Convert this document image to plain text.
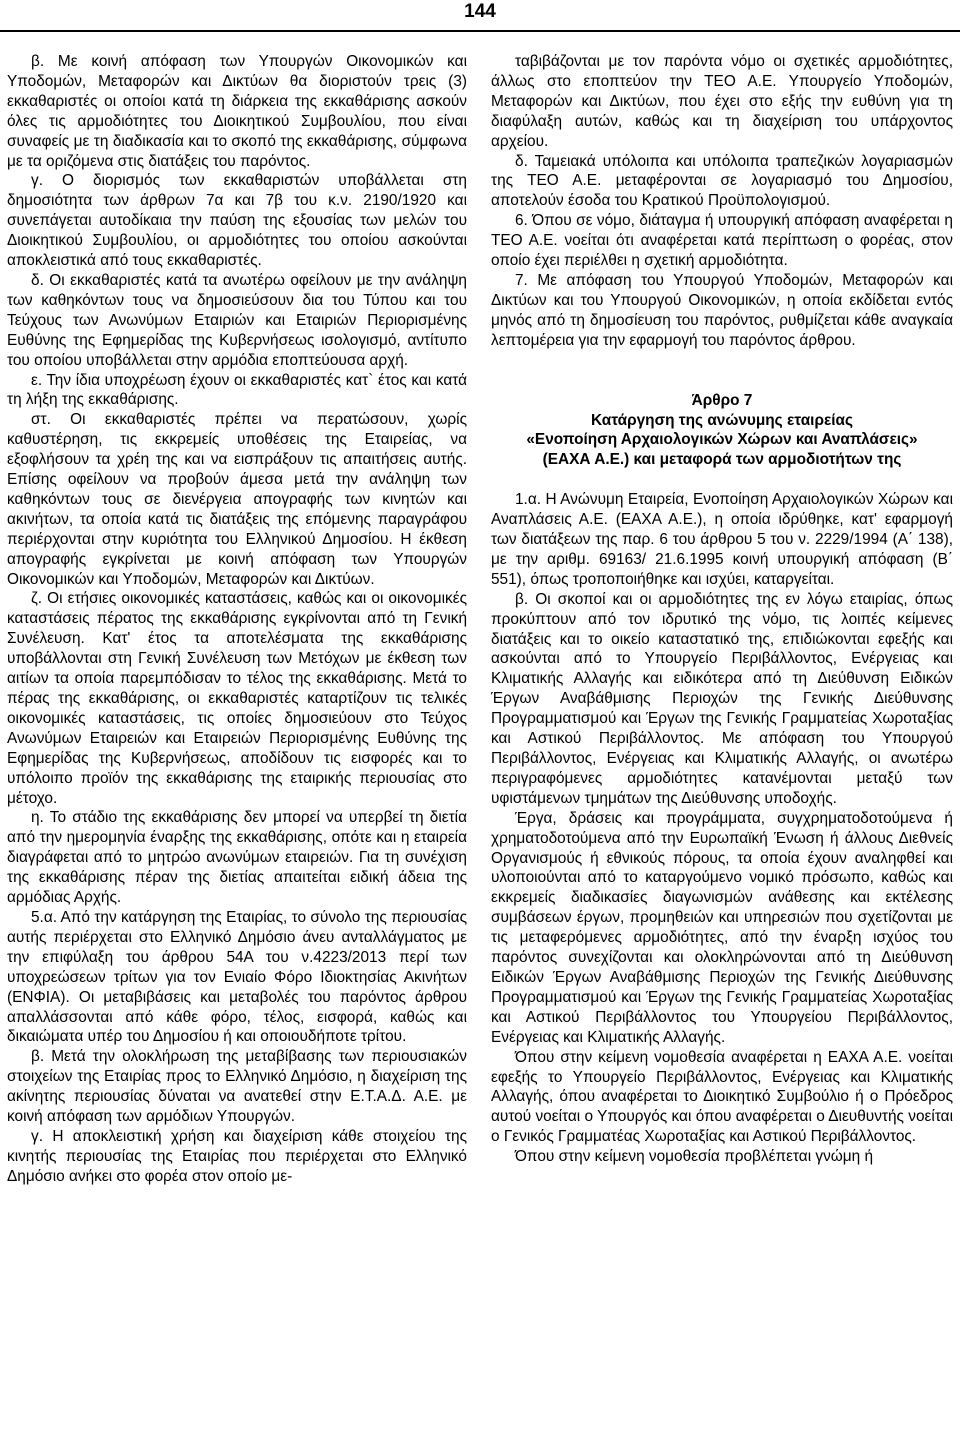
144

β. Με κοινή απόφαση των Υπουργών Οικονομικών και Υποδομών, Μεταφορών και Δικτύων θα διοριστούν τρεις (3) εκκαθαριστές οι οποίοι κατά τη διάρκεια της εκκαθάρισης ασκούν όλες τις αρμοδιότητες του Διοικητικού Συμβουλίου, που είναι συναφείς με τη διαδικασία και το σκοπό της εκκαθάρισης, σύμφωνα με τα οριζόμενα στις διατάξεις του παρόντος.

γ. Ο διορισμός των εκκαθαριστών υποβάλλεται στη δημοσιότητα των άρθρων 7α και 7β του κ.ν. 2190/1920 και συνεπάγεται αυτοδίκαια την παύση της εξουσίας των μελών του Διοικητικού Συμβουλίου, οι αρμοδιότητες του οποίου ασκούνται αποκλειστικά από τους εκκαθαριστές.

δ. Οι εκκαθαριστές κατά τα ανωτέρω οφείλουν με την ανάληψη των καθηκόντων τους να δημοσιεύσουν δια του Τύπου και του Τεύχους των Ανωνύμων Εταιριών και Εταιριών Περιορισμένης Ευθύνης της Εφημερίδας της Κυβερνήσεως ισολογισμό, αντίτυπο του οποίου υποβάλλεται στην αρμόδια εποπτεύουσα αρχή.

ε. Την ίδια υποχρέωση έχουν οι εκκαθαριστές κατ` έτος και κατά τη λήξη της εκκαθάρισης.

στ. Οι εκκαθαριστές πρέπει να περατώσουν, χωρίς καθυστέρηση, τις εκκρεμείς υποθέσεις της Εταιρείας, να εξοφλήσουν τα χρέη της και να εισπράξουν τις απαιτήσεις αυτής. Επίσης οφείλουν να προβούν άμεσα μετά την ανάληψη των καθηκόντων τους σε διενέργεια απογραφής των κινητών και ακινήτων, τα οποία κατά τις διατάξεις της επόμενης παραγράφου περιέρχονται στην κυριότητα του Ελληνικού Δημοσίου. Η έκθεση απογραφής εγκρίνεται με κοινή απόφαση των Υπουργών Οικονομικών και Υποδομών, Μεταφορών και Δικτύων.

ζ. Οι ετήσιες οικονομικές καταστάσεις, καθώς και οι οικονομικές καταστάσεις πέρατος της εκκαθάρισης εγκρίνονται από τη Γενική Συνέλευση. Κατ' έτος τα αποτελέσματα της εκκαθάρισης υποβάλλονται στη Γενική Συνέλευση των Μετόχων με έκθεση των αιτίων τα οποία παρεμπόδισαν το τέλος της εκκαθάρισης. Μετά το πέρας της εκκαθάρισης, οι εκκαθαριστές καταρτίζουν τις τελικές οικονομικές καταστάσεις, τις οποίες δημοσιεύουν στο Τεύχος Ανωνύμων Εταιρειών και Εταιρειών Περιορισμένης Ευθύνης της Εφημερίδας της Κυβερνήσεως, αποδίδουν τις εισφορές και το υπόλοιπο προϊόν της εκκαθάρισης της εταιρικής περιουσίας στο μέτοχο.

η. Το στάδιο της εκκαθάρισης δεν μπορεί να υπερβεί τη διετία από την ημερομηνία έναρξης της εκκαθάρισης, οπότε και η εταιρεία διαγράφεται από το μητρώο ανωνύμων εταιρειών. Για τη συνέχιση της εκκαθάρισης πέραν της διετίας απαιτείται ειδική άδεια της αρμόδιας Αρχής.

5.α. Από την κατάργηση της Εταιρίας, το σύνολο της περιουσίας αυτής περιέρχεται στο Ελληνικό Δημόσιο άνευ ανταλλάγματος με την επιφύλαξη του άρθρου 54Α του ν.4223/2013 περί των υποχρεώσεων τρίτων για τον Ενιαίο Φόρο Ιδιοκτησίας Ακινήτων (ΕΝΦΙΑ). Οι μεταβιβάσεις και μεταβολές του παρόντος άρθρου απαλλάσσονται από κάθε φόρο, τέλος, εισφορά, καθώς και δικαιώματα υπέρ του Δημοσίου ή και οποιουδήποτε τρίτου.

β. Μετά την ολοκλήρωση της μεταβίβασης των περιουσιακών στοιχείων της Εταιρίας προς το Ελληνικό Δημόσιο, η διαχείριση της ακίνητης περιουσίας δύναται να ανατεθεί στην Ε.Τ.Α.Δ. Α.Ε. με κοινή απόφαση των αρμόδιων Υπουργών.

γ. Η αποκλειστική χρήση και διαχείριση κάθε στοιχείου της κινητής περιουσίας της Εταιρίας που περιέρχεται στο Ελληνικό Δημόσιο ανήκει στο φορέα στον οποίο με-

ταβιβάζονται με τον παρόντα νόμο οι σχετικές αρμοδιότητες, άλλως στο εποπτεύον την ΤΕΟ Α.Ε. Υπουργείο Υποδομών, Μεταφορών και Δικτύων, που έχει στο εξής την ευθύνη για τη διαφύλαξη αυτών, καθώς και τη διαχείριση του υπάρχοντος αρχείου.

δ. Ταμειακά υπόλοιπα και υπόλοιπα τραπεζικών λογαριασμών της ΤΕΟ Α.Ε. μεταφέρονται σε λογαριασμό του Δημοσίου, αποτελούν έσοδα του Κρατικού Προϋπολογισμού.

6. Όπου σε νόμο, διάταγμα ή υπουργική απόφαση αναφέρεται η ΤΕΟ Α.Ε. νοείται ότι αναφέρεται κατά περίπτωση ο φορέας, στον οποίο έχει περιέλθει η σχετική αρμοδιότητα.

7. Με απόφαση του Υπουργού Υποδομών, Μεταφορών και Δικτύων και του Υπουργού Οικονομικών, η οποία εκδίδεται εντός μηνός από τη δημοσίευση του παρόντος, ρυθμίζεται κάθε αναγκαία λεπτομέρεια για την εφαρμογή του παρόντος άρθρου.

Άρθρο 7
Κατάργηση της ανώνυμης εταιρείας
«Ενοποίηση Αρχαιολογικών Χώρων και Αναπλάσεις»
(ΕΑΧΑ Α.Ε.) και μεταφορά των αρμοδιοτήτων της

1.α. Η Ανώνυμη Εταιρεία, Ενοποίηση Αρχαιολογικών Χώρων και Αναπλάσεις Α.Ε. (ΕΑΧΑ Α.Ε.), η οποία ιδρύθηκε, κατ' εφαρμογή των διατάξεων της παρ. 6 του άρθρου 5 του ν. 2229/1994 (Α΄ 138), με την αριθμ. 69163/ 21.6.1995 κοινή υπουργική απόφαση (Β΄ 551), όπως τροποποιήθηκε και ισχύει, καταργείται.

β. Οι σκοποί και οι αρμοδιότητες της εν λόγω εταιρίας, όπως προκύπτουν από τον ιδρυτικό της νόμο, τις λοιπές κείμενες διατάξεις και το οικείο καταστατικό της, επιδιώκονται εφεξής και ασκούνται από το Υπουργείο Περιβάλλοντος, Ενέργειας και Κλιματικής Αλλαγής και ειδικότερα από τη Διεύθυνση Ειδικών Έργων Αναβάθμισης Περιοχών της Γενικής Διεύθυνσης Προγραμματισμού και Έργων της Γενικής Γραμματείας Χωροταξίας και Αστικού Περιβάλλοντος. Με απόφαση του Υπουργού Περιβάλλοντος, Ενέργειας και Κλιματικής Αλλαγής, οι ανωτέρω περιγραφόμενες αρμοδιότητες κατανέμονται μεταξύ των υφιστάμενων τμημάτων της Διεύθυνσης υποδοχής.

Έργα, δράσεις και προγράμματα, συγχρηματοδοτούμενα ή χρηματοδοτούμενα από την Ευρωπαϊκή Ένωση ή άλλους Διεθνείς Οργανισμούς ή εθνικούς πόρους, τα οποία έχουν αναληφθεί και υλοποιούνται από το καταργούμενο νομικό πρόσωπο, καθώς και εκκρεμείς διαδικασίες διαγωνισμών ανάθεσης και εκτέλεσης συμβάσεων έργων, προμηθειών και υπηρεσιών που σχετίζονται με τις μεταφερόμενες αρμοδιότητες, από την έναρξη ισχύος του παρόντος συνεχίζονται και ολοκληρώνονται από τη Διεύθυνση Ειδικών Έργων Αναβάθμισης Περιοχών της Γενικής Διεύθυνσης Προγραμματισμού και Έργων της Γενικής Γραμματείας Χωροταξίας και Αστικού Περιβάλλοντος του Υπουργείου Περιβάλλοντος, Ενέργειας και Κλιματικής Αλλαγής.

Όπου στην κείμενη νομοθεσία αναφέρεται η ΕΑΧΑ Α.Ε. νοείται εφεξής το Υπουργείο Περιβάλλοντος, Ενέργειας και Κλιματικής Αλλαγής, όπου αναφέρεται το Διοικητικό Συμβούλιο ή ο Πρόεδρος αυτού νοείται ο Υπουργός και όπου αναφέρεται ο Διευθυντής νοείται ο Γενικός Γραμματέας Χωροταξίας και Αστικού Περιβάλλοντος.

Όπου στην κείμενη νομοθεσία προβλέπεται γνώμη ή
